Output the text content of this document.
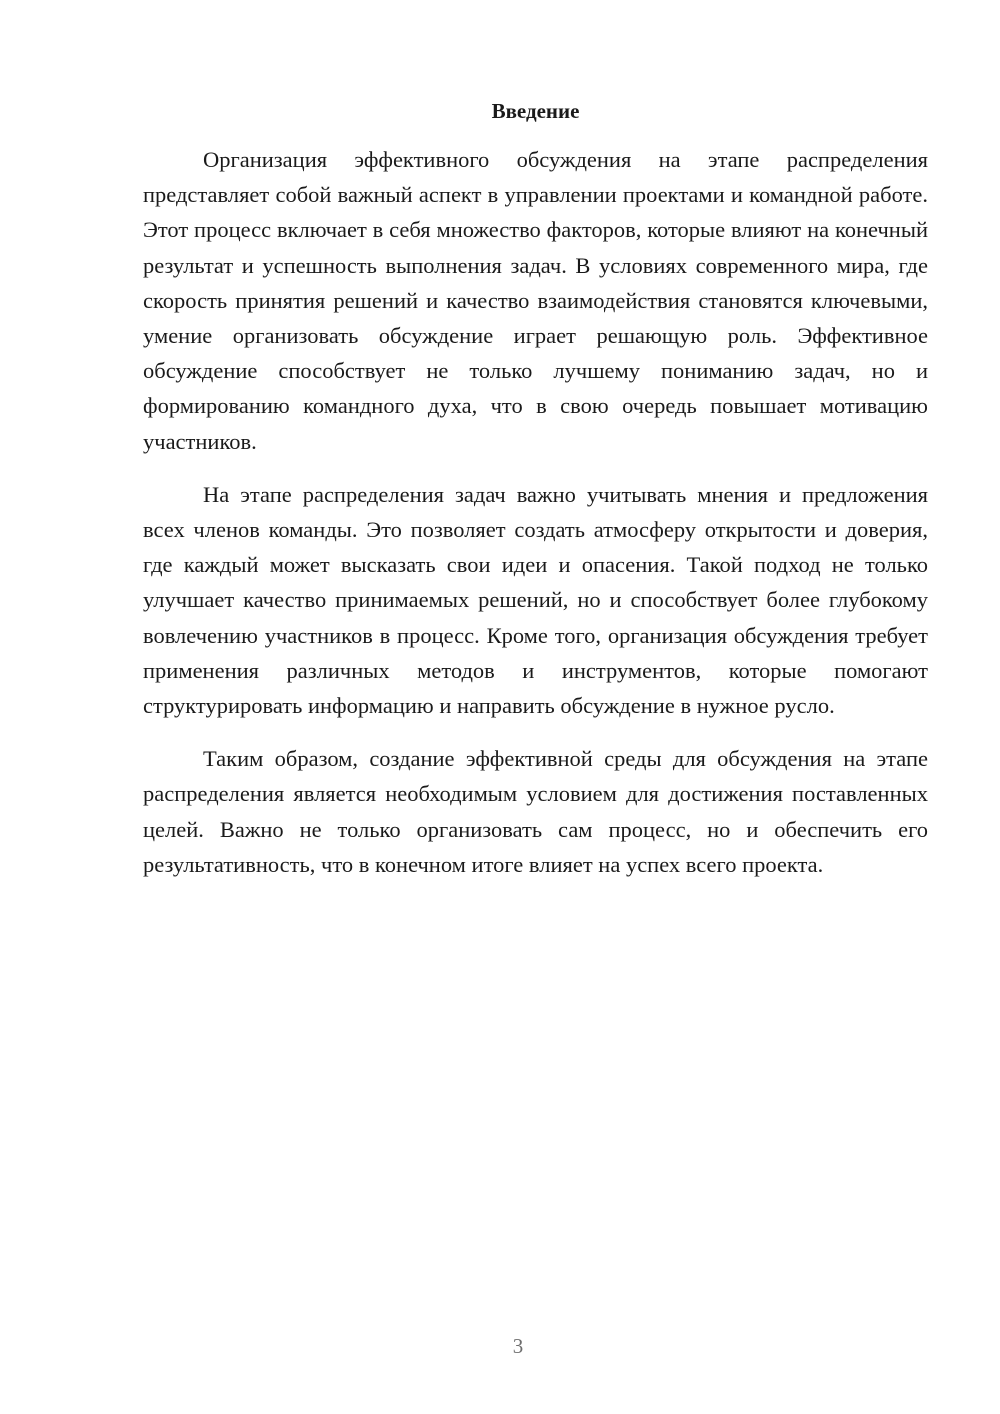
Введение

Организация эффективного обсуждения на этапе распределения представляет собой важный аспект в управлении проектами и командной работе. Этот процесс включает в себя множество факторов, которые влияют на конечный результат и успешность выполнения задач. В условиях современного мира, где скорость принятия решений и качество взаимодействия становятся ключевыми, умение организовать обсуждение играет решающую роль. Эффективное обсуждение способствует не только лучшему пониманию задач, но и формированию командного духа, что в свою очередь повышает мотивацию участников.

На этапе распределения задач важно учитывать мнения и предложения всех членов команды. Это позволяет создать атмосферу открытости и доверия, где каждый может высказать свои идеи и опасения. Такой подход не только улучшает качество принимаемых решений, но и способствует более глубокому вовлечению участников в процесс. Кроме того, организация обсуждения требует применения различных методов и инструментов, которые помогают структурировать информацию и направить обсуждение в нужное русло.

Таким образом, создание эффективной среды для обсуждения на этапе распределения является необходимым условием для достижения поставленных целей. Важно не только организовать сам процесс, но и обеспечить его результативность, что в конечном итоге влияет на успех всего проекта.

3
